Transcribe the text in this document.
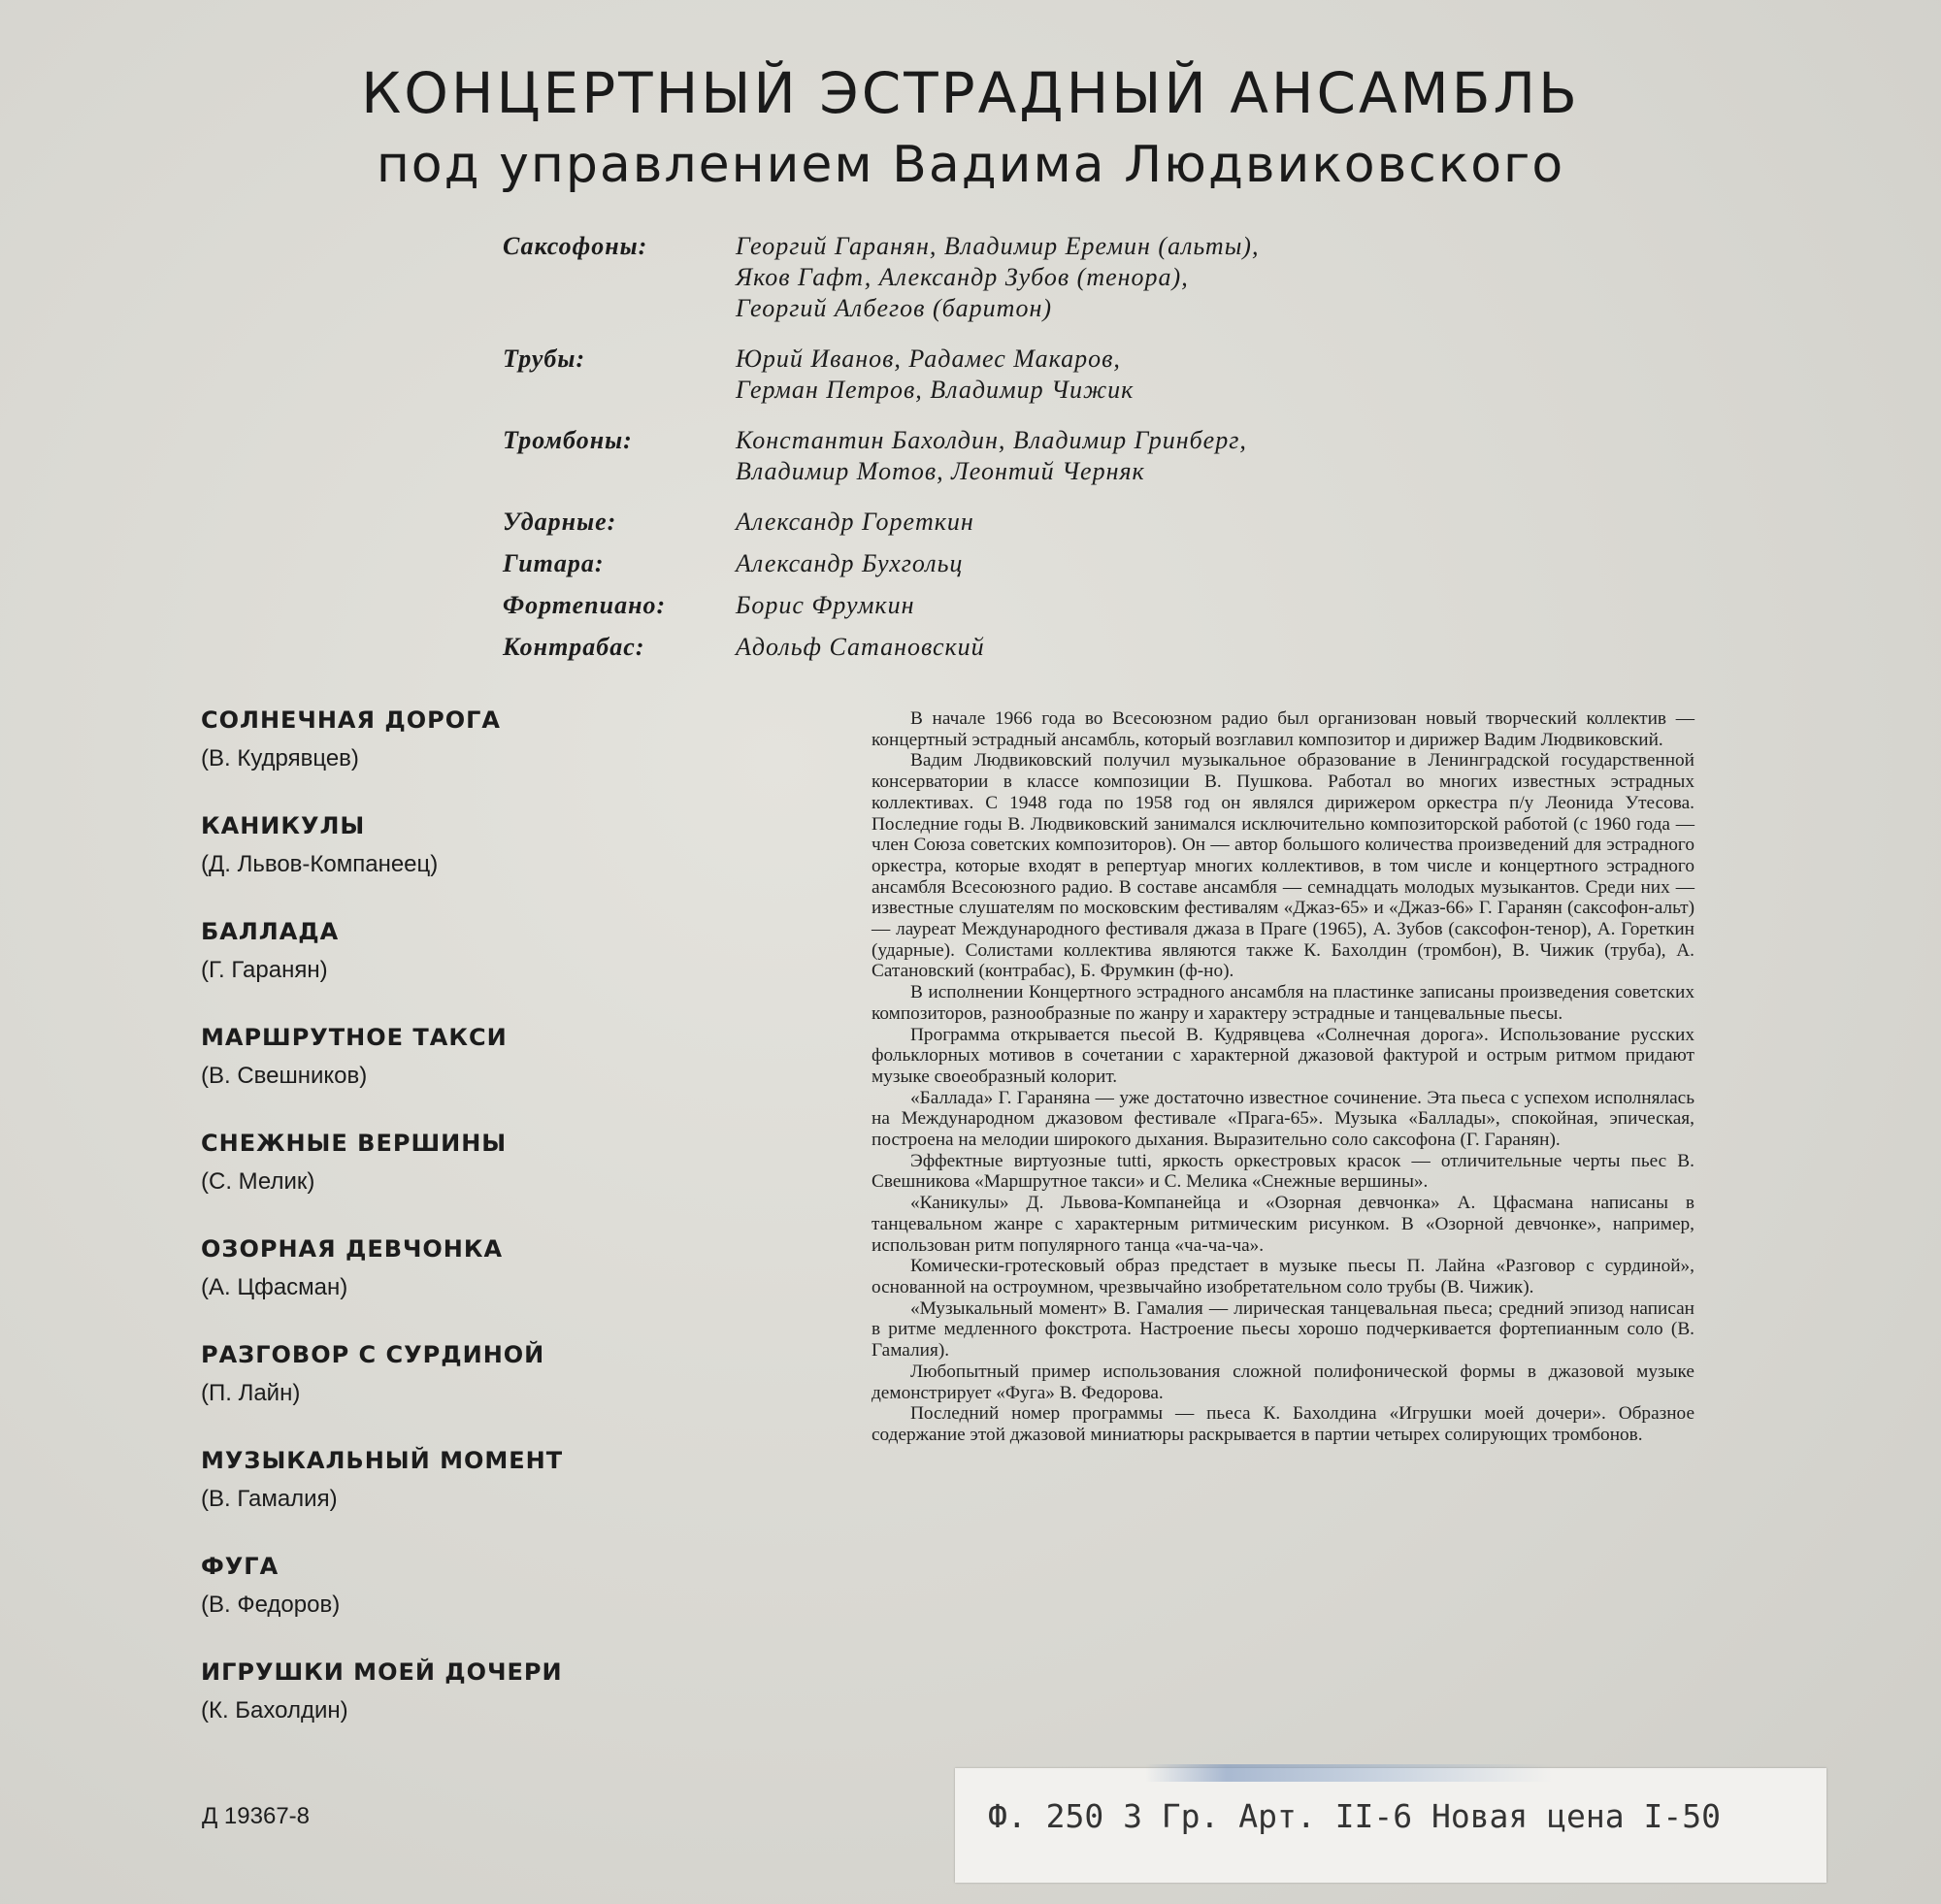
КОНЦЕРТНЫЙ ЭСТРАДНЫЙ АНСАМБЛЬ
под управлением Вадима Людвиковского
Саксофоны:	Георгий Гаранян, Владимир Еремин (альты),
Яков Гафт, Александр Зубов (тенора),
Георгий Албегов (баритон)
Трубы:	Юрий Иванов, Радамес Макаров,
Герман Петров, Владимир Чижик
Тромбоны:	Константин Бахолдин, Владимир Гринберг,
Владимир Мотов, Леонтий Черняк
Ударные:	Александр Горeткин
Гитара:	Александр Бухгольц
Фортепиано:	Борис Фрумкин
Контрабас:	Адольф Сатановский
СОЛНЕЧНАЯ ДОРОГА
(В. Кудрявцев)
КАНИКУЛЫ
(Д. Львов-Компанеец)
БАЛЛАДА
(Г. Гаранян)
МАРШРУТНОЕ ТАКСИ
(В. Свешников)
СНЕЖНЫЕ ВЕРШИНЫ
(С. Мелик)
ОЗОРНАЯ ДЕВЧОНКА
(А. Цфасман)
РАЗГОВОР С СУРДИНОЙ
(П. Лайн)
МУЗЫКАЛЬНЫЙ МОМЕНТ
(В. Гамалия)
ФУГА
(В. Федоров)
ИГРУШКИ МОЕЙ ДОЧЕРИ
(К. Бахолдин)
Д 19367-8

В начале 1966 года во Всесоюзном радио был организован новый творческий коллектив — концертный эстрадный ансамбль, который возглавил композитор и дирижер Вадим Людвиковский.

Вадим Людвиковский получил музыкальное образование в Ленинградской государственной консерватории в классе композиции В. Пушкова. Работал во многих известных эстрадных коллективах. С 1948 года по 1958 год он являлся дирижером оркестра п/у Леонида Утесова. Последние годы В. Людвиковский занимался исключительно композиторской работой (с 1960 года — член Союза советских композиторов). Он — автор большого количества произведений для эстрадного оркестра, которые входят в репертуар многих коллективов, в том числе и концертного эстрадного ансамбля Всесоюзного радио. В составе ансамбля — семнадцать молодых музыкантов. Среди них — известные слушателям по московским фестивалям «Джаз-65» и «Джаз-66» Г. Гаранян (саксофон-альт) — лауреат Международного фестиваля джаза в Праге (1965), А. Зубов (саксофон-тенор), А. Горeткин (ударные). Солистами коллектива являются также К. Бахолдин (тромбон), В. Чижик (труба), А. Сатановский (контрабас), Б. Фрумкин (ф-но).

В исполнении Концертного эстрадного ансамбля на пластинке записаны произведения советских композиторов, разнообразные по жанру и характеру эстрадные и танцевальные пьесы.

Программа открывается пьесой В. Кудрявцева «Солнечная дорога». Использование русских фольклорных мотивов в сочетании с характерной джазовой фактурой и острым ритмом придают музыке своеобразный колорит.

«Баллада» Г. Гараняна — уже достаточно известное сочинение. Эта пьеса с успехом исполнялась на Международном джазовом фестивале «Прага-65». Музыка «Баллады», спокойная, эпическая, построена на мелодии широкого дыхания. Выразительно соло саксофона (Г. Гаранян).

Эффектные виртуозные tutti, яркость оркестровых красок — отличительные черты пьес В. Свешникова «Маршрутное такси» и С. Мелика «Снежные вершины».

«Каникулы» Д. Львова-Компанейца и «Озорная девчонка» А. Цфасмана написаны в танцевальном жанре с характерным ритмическим рисунком. В «Озорной девчонке», например, использован ритм популярного танца «ча-ча-ча».

Комически-гротесковый образ предстает в музыке пьесы П. Лайна «Разговор с сурдиной», основанной на остроумном, чрезвычайно изобретательном соло трубы (В. Чижик).

«Музыкальный момент» В. Гамалия — лирическая танцевальная пьеса; средний эпизод написан в ритме медленного фокстрота. Настроение пьесы хорошо подчеркивается фортепианным соло (В. Гамалия).

Любопытный пример использования сложной полифонической формы в джазовой музыке демонстрирует «Фуга» В. Федорова.

Последний номер программы — пьеса К. Бахолдина «Игрушки моей дочери». Образное содержание этой джазовой миниатюры раскрывается в партии четырех солирующих тромбонов.

Ф. 250 3 Гр. Арт. II-6 Новая цена I-50
